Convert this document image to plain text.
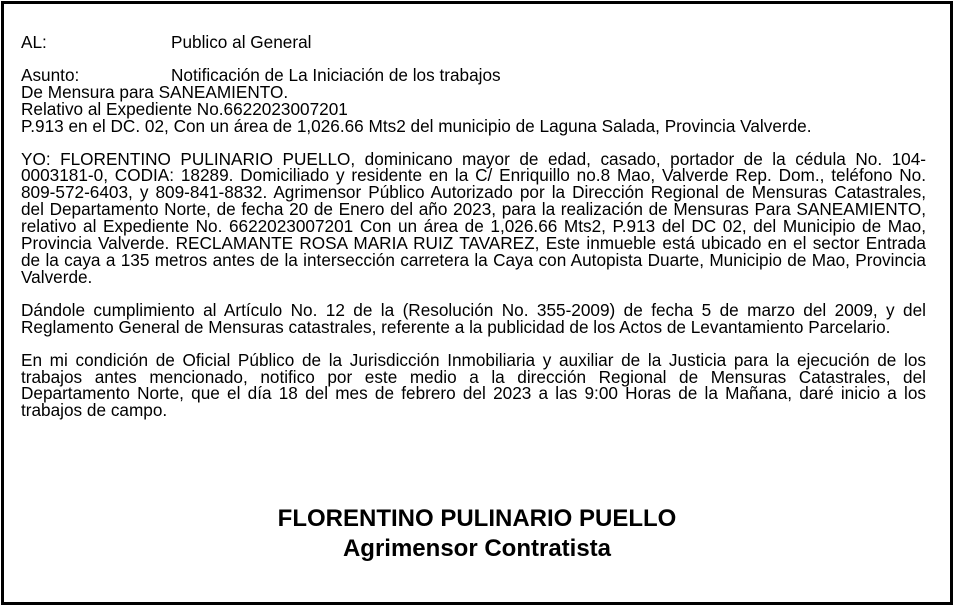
AL:	Publico al General
Asunto:	Notificación de La Iniciación de los trabajos
De Mensura para SANEAMIENTO.
Relativo al Expediente No.6622023007201

P.913 en el DC. 02, Con un área de 1,026.66 Mts2 del municipio de Laguna Salada, Provincia Valverde.

YO: FLORENTINO PULINARIO PUELLO, dominicano mayor de edad, casado, portador de la cédula No. 104-0003181-0, CODIA: 18289. Domiciliado y residente en la C/ Enriquillo no.8 Mao, Valverde Rep. Dom., teléfono No. 809-572-6403, y 809-841-8832. Agrimensor Público Autorizado por la Dirección Regional de Mensuras Catastrales, del Departamento Norte, de fecha 20 de Enero del año 2023, para la realización de Mensuras Para SANEAMIENTO, relativo al Expediente No. 6622023007201 Con un área de 1,026.66 Mts2, P.913 del DC 02, del Municipio de Mao, Provincia Valverde. RECLAMANTE ROSA MARIA RUIZ TAVAREZ, Este inmueble está ubicado en el sector Entrada de la caya a 135 metros antes de la intersección carretera la Caya con Autopista Duarte, Municipio de Mao, Provincia Valverde.

Dándole cumplimiento al Artículo No. 12 de la (Resolución No. 355-2009) de fecha 5 de marzo del 2009, y del Reglamento General de Mensuras catastrales, referente a la publicidad de los Actos de Levantamiento Parcelario.

En mi condición de Oficial Público de la Jurisdicción Inmobiliaria y auxiliar de la Justicia para la ejecución de los trabajos antes mencionado, notifico por este medio a la dirección Regional de Mensuras Catastrales, del Departamento Norte, que el día 18 del mes de febrero del 2023 a las 9:00 Horas de la Mañana, daré inicio a los trabajos de campo.

FLORENTINO PULINARIO PUELLO
Agrimensor Contratista
